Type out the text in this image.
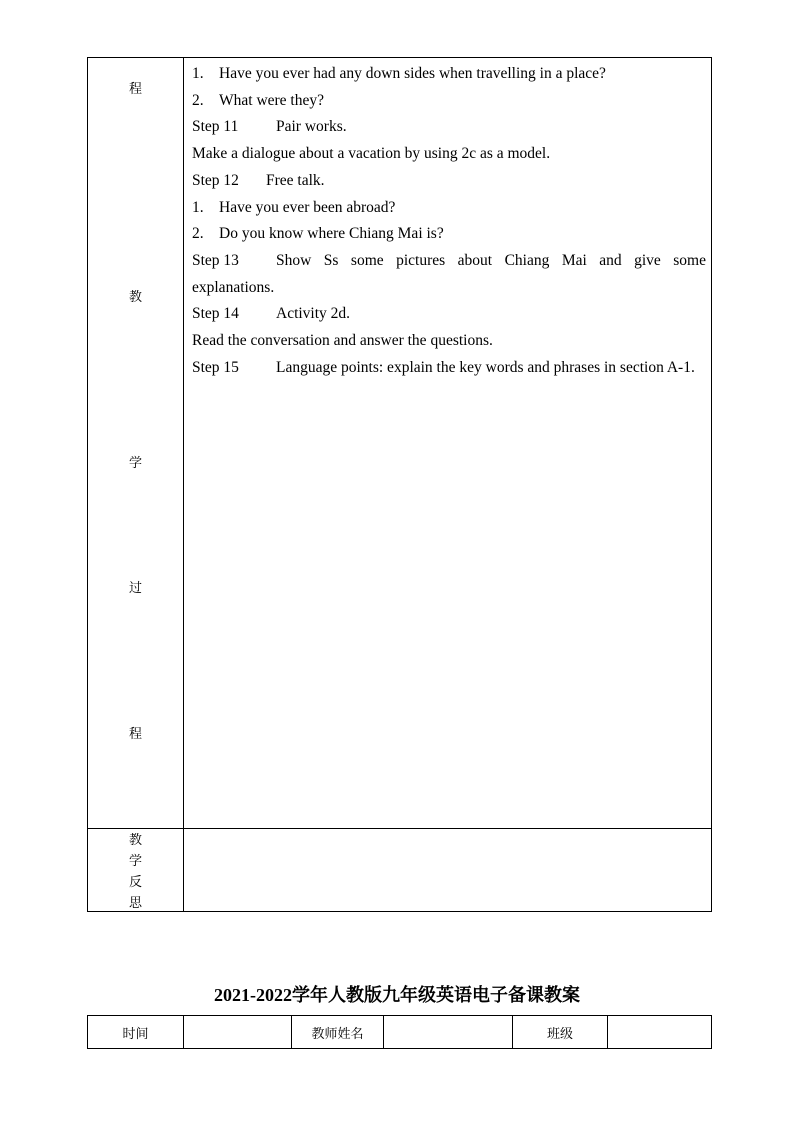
程
教
学
过
程

1. Have you ever had any down sides when travelling in a place?

2. What were they?

Step 11 Pair works.

Make a dialogue about a vacation by using 2c as a model.

Step 12 Free talk.

1. Have you ever been abroad?

2. Do you know where Chiang Mai is?

Step 13 Show Ss some pictures about Chiang Mai and give some explanations.

Step 14 Activity 2d.

Read the conversation and answer the questions.

Step 15 Language points: explain the key words and phrases in section A-1.

教
学
反
思
2021-2022学年人教版九年级英语电子备课教案
时间	教师姓名	班级
